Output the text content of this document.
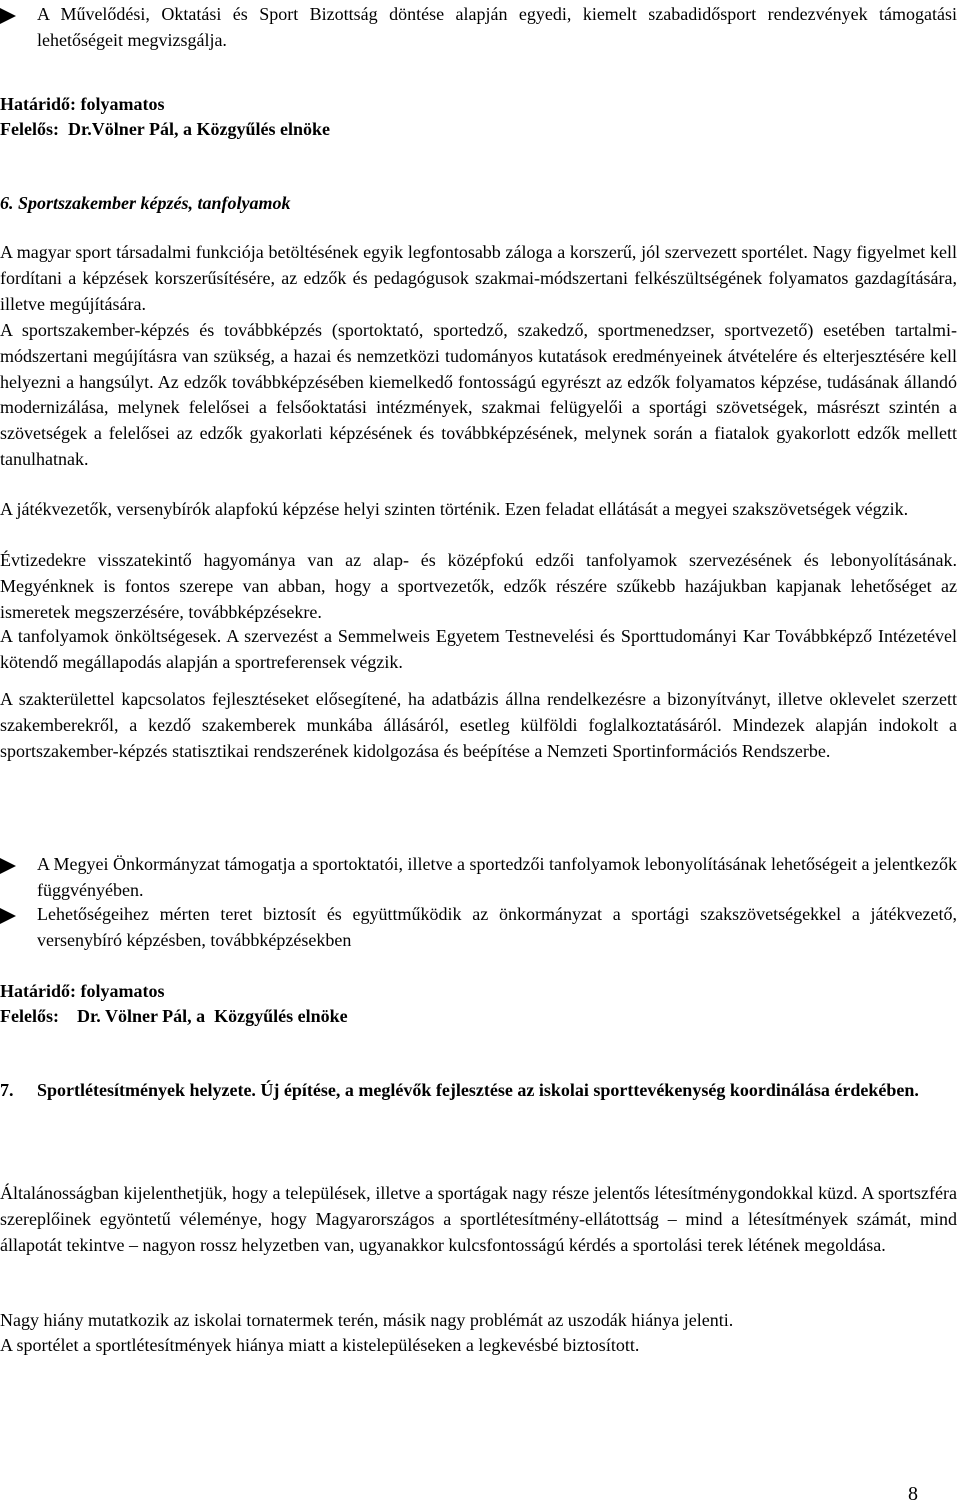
A Művelődési, Oktatási és Sport Bizottság döntése alapján egyedi, kiemelt szabadidősport rendezvények támogatási lehetőségeit megvizsgálja.
Határidő: folyamatos
Felelős:  Dr.Völner Pál, a Közgyűlés elnöke
6. Sportszakember képzés, tanfolyamok
A magyar sport társadalmi funkciója betöltésének egyik legfontosabb záloga a korszerű, jól szervezett sportélet. Nagy figyelmet kell fordítani a képzések korszerűsítésére, az edzők és pedagógusok szakmai-módszertani felkészültségének folyamatos gazdagítására, illetve megújítására.
A sportszakember-képzés és továbbképzés (sportoktató, sportedző, szakedző, sportmenedzser, sportvezető) esetében tartalmi-módszertani megújításra van szükség, a hazai és nemzetközi tudományos kutatások eredményeinek átvételére és elterjesztésére kell helyezni a hangsúlyt. Az edzők továbbképzésében kiemelkedő fontosságú egyrészt az edzők folyamatos képzése, tudásának állandó modernizálása, melynek felelősei a felsőoktatási intézmények, szakmai felügyelői a sportági szövetségek, másrészt szintén a szövetségek a felelősei az edzők gyakorlati képzésének és továbbképzésének, melynek során a fiatalok gyakorlott edzők mellett tanulhatnak.
A játékvezetők, versenybírók alapfokú képzése helyi szinten történik. Ezen feladat ellátását a megyei szakszövetségek végzik.
Évtizedekre visszatekintő hagyománya van az alap- és középfokú edzői tanfolyamok szervezésének és lebonyolításának. Megyénknek is fontos szerepe van abban, hogy a sportvezetők, edzők részére szűkebb hazájukban kapjanak lehetőséget az ismeretek megszerzésére, továbbképzésekre.
A tanfolyamok önköltségesek. A szervezést a Semmelweis Egyetem Testnevelési és Sporttudományi Kar Továbbképző Intézetével kötendő megállapodás alapján a sportreferensek végzik.
A szakterülettel kapcsolatos fejlesztéseket elősegítené, ha adatbázis állna rendelkezésre a bizonyítványt, illetve oklevelet szerzett szakemberekről, a kezdő szakemberek munkába állásáról, esetleg külföldi foglalkoztatásáról. Mindezek alapján indokolt a sportszakember-képzés statisztikai rendszerének kidolgozása és beépítése a Nemzeti Sportinformációs Rendszerbe.
A Megyei Önkormányzat támogatja a sportoktatói, illetve a sportedzői tanfolyamok lebonyolításának lehetőségeit a jelentkezők függvényében.
Lehetőségeihez mérten teret biztosít és együttműködik az önkormányzat a sportági szakszövetségekkel a játékvezető, versenybíró képzésben, továbbképzésekben
Határidő: folyamatos
Felelős:    Dr. Völner Pál, a  Közgyűlés elnöke
7. Sportlétesítmények helyzete. Új építése, a meglévők fejlesztése az iskolai sporttevékenység koordinálása érdekében.
Általánosságban kijelenthetjük, hogy a települések, illetve a sportágak nagy része jelentős létesítménygondokkal küzd. A sportszféra szereplőinek egyöntetű véleménye, hogy Magyarországos a sportlétesítmény-ellátottság – mind a létesítmények számát, mind állapotát tekintve – nagyon rossz helyzetben van, ugyanakkor kulcsfontosságú kérdés a sportolási terek létének megoldása.
Nagy hiány mutatkozik az iskolai tornatermek terén, másik nagy problémát az uszodák hiánya jelenti.
A sportélet a sportlétesítmények hiánya miatt a kistelepüléseken a legkevésbé biztosított.
8
